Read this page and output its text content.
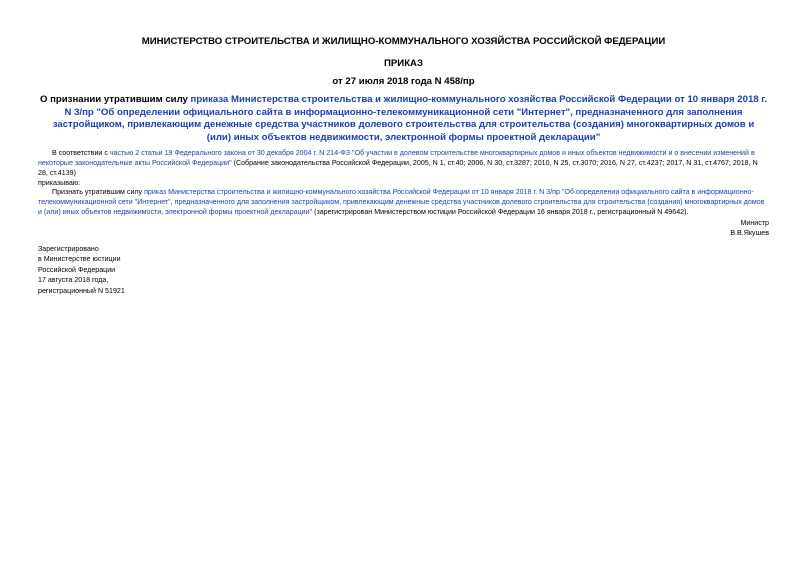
МИНИСТЕРСТВО СТРОИТЕЛЬСТВА И ЖИЛИЩНО-КОММУНАЛЬНОГО ХОЗЯЙСТВА РОССИЙСКОЙ ФЕДЕРАЦИИ
ПРИКАЗ
от 27 июля 2018 года N 458/пр
О признании утратившим силу приказа Министерства строительства и жилищно-коммунального хозяйства Российской Федерации от 10 января 2018 г. N 3/пр "Об определении официального сайта в информационно-телекоммуникационной сети "Интернет", предназначенного для заполнения застройщиком, привлекающим денежные средства участников долевого строительства для строительства (создания) многоквартирных домов и (или) иных объектов недвижимости, электронной формы проектной декларации"
В соответствии с частью 2 статьи 19 Федерального закона от 30 декабря 2004 г. N 214-ФЗ "Об участии в долевом строительстве многоквартирных домов и иных объектов недвижимости и о внесении изменений в некоторые законодательные акты Российской Федерации" (Собрание законодательства Российской Федерации, 2005, N 1, ст.40; 2006, N 30, ст.3287; 2010, N 25, ст.3070; 2016, N 27, ст.4237; 2017, N 31, ст.4767; 2018, N 28, ст.4139)
приказываю:
Признать утратившим силу приказ Министерства строительства и жилищно-коммунального хозяйства Российской Федерации от 10 января 2018 г. N 3/пр "Об определении официального сайта в информационно-телекоммуникационной сети "Интернет", предназначенного для заполнения застройщиком, привлекающим денежные средства участников долевого строительства для строительства (создания) многоквартирных домов и (или) иных объектов недвижимости, электронной формы проектной декларации" (зарегистрирован Министерством юстиции Российской Федерации 16 января 2018 г., регистрационный N 49642).
Министр
В.В.Якушев
Зарегистрировано
в Министерстве юстиции
Российской Федерации
17 августа 2018 года,
регистрационный N 51921
